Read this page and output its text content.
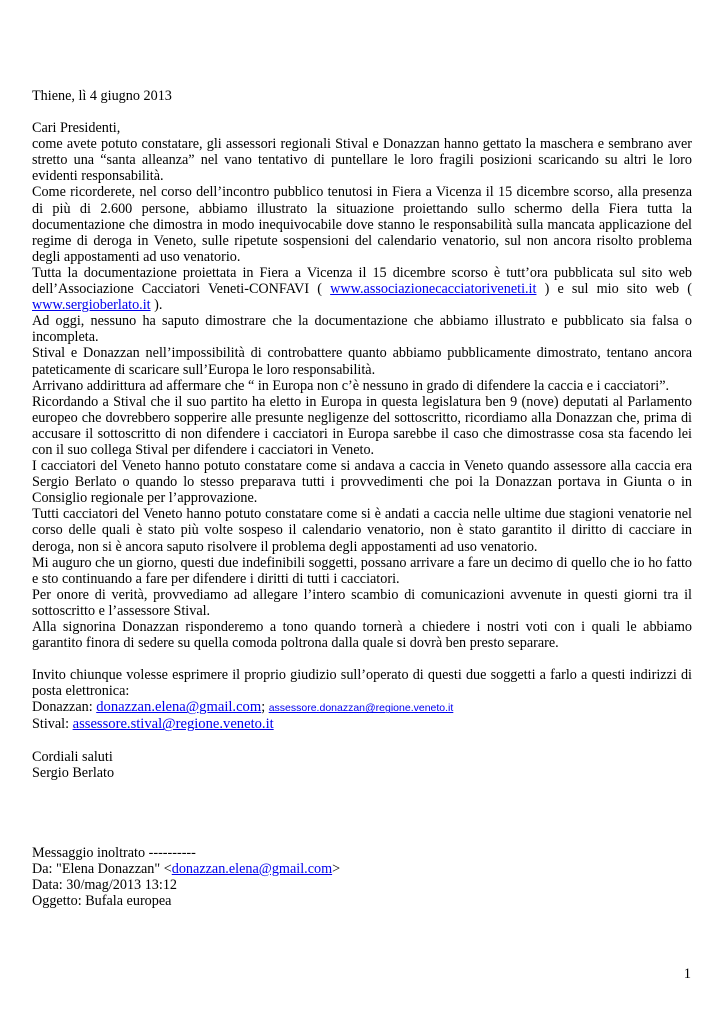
Thiene, lì 4 giugno 2013

Cari Presidenti,

come avete potuto constatare, gli assessori regionali Stival e Donazzan hanno gettato la maschera e sembrano aver stretto una “santa alleanza” nel vano tentativo di puntellare le loro fragili posizioni scaricando su altri le loro evidenti responsabilità.

Come ricorderete, nel corso dell’incontro pubblico tenutosi in Fiera a Vicenza il 15 dicembre scorso, alla presenza di più di 2.600 persone, abbiamo illustrato la situazione proiettando sullo schermo della Fiera tutta la documentazione che dimostra in modo inequivocabile dove stanno le responsabilità sulla mancata applicazione del regime di deroga in Veneto, sulle ripetute sospensioni del calendario venatorio, sul non ancora risolto problema degli appostamenti ad uso venatorio.

Tutta la documentazione proiettata in Fiera a Vicenza il 15 dicembre scorso è tutt’ora pubblicata sul sito web dell’Associazione Cacciatori Veneti-CONFAVI ( www.associazionecacciatoriveneti.it ) e sul mio sito web ( www.sergioberlato.it ).

Ad oggi, nessuno ha saputo dimostrare che la documentazione che abbiamo illustrato e pubblicato sia falsa o incompleta.

Stival e Donazzan nell’impossibilità di controbattere quanto abbiamo pubblicamente dimostrato, tentano ancora pateticamente di scaricare sull’Europa le loro responsabilità.

Arrivano addirittura ad affermare che “ in Europa non c’è nessuno in grado di difendere la caccia e i cacciatori”.

Ricordando a Stival che il suo partito ha eletto in Europa in questa legislatura ben 9 (nove) deputati al Parlamento europeo che dovrebbero sopperire alle presunte negligenze del sottoscritto, ricordiamo alla Donazzan che, prima di accusare il sottoscritto di non difendere i cacciatori in Europa sarebbe il caso che dimostrasse cosa sta facendo lei con il suo collega Stival per difendere i cacciatori in Veneto.

I cacciatori del Veneto hanno potuto constatare come si andava a caccia in Veneto quando assessore alla caccia era Sergio Berlato o quando lo stesso preparava tutti i provvedimenti che poi la Donazzan portava in Giunta o in Consiglio regionale per l’approvazione.

Tutti cacciatori del Veneto hanno potuto constatare come si è andati a caccia nelle ultime due stagioni venatorie nel corso delle quali è stato più volte sospeso il calendario venatorio, non è stato garantito il diritto di cacciare in deroga, non si è ancora saputo risolvere il problema degli appostamenti ad uso venatorio.

Mi auguro che un giorno, questi due indefinibili soggetti, possano arrivare a fare un decimo di quello che io ho fatto e sto continuando a fare per difendere i diritti di tutti i cacciatori.

Per onore di verità, provvediamo ad allegare l’intero scambio di comunicazioni avvenute in questi giorni tra il sottoscritto e l’assessore Stival.

Alla signorina Donazzan risponderemo a tono quando tornerà a chiedere i nostri voti con i quali le abbiamo garantito finora di sedere su quella comoda poltrona dalla quale si dovrà ben presto separare.

Invito chiunque volesse esprimere il proprio giudizio sull’operato di questi due soggetti a farlo a questi indirizzi di posta elettronica:

Donazzan: donazzan.elena@gmail.com; assessore.donazzan@regione.veneto.it

Stival: assessore.stival@regione.veneto.it

Cordiali saluti

Sergio Berlato

Messaggio inoltrato ----------

Da: "Elena Donazzan" <donazzan.elena@gmail.com>

Data: 30/mag/2013 13:12

Oggetto: Bufala europea

1
